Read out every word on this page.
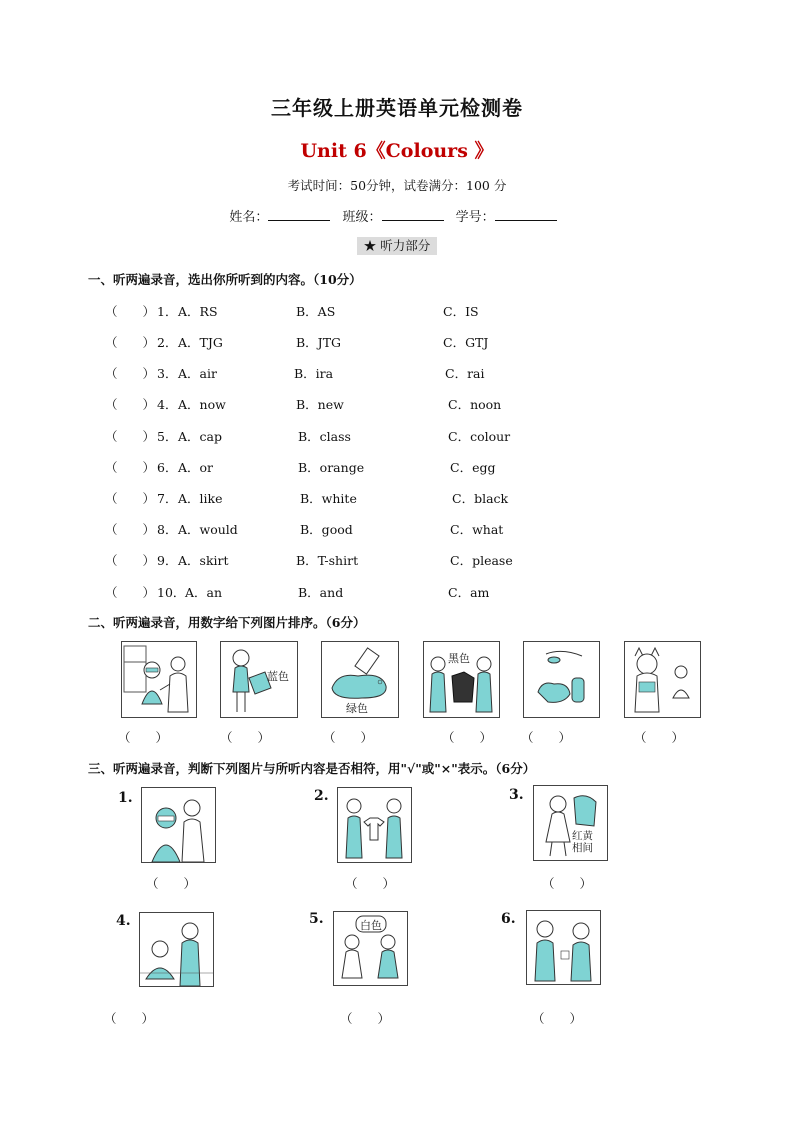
三年级上册英语单元检测卷
Unit 6《Colours 》
考试时间：50分钟，试卷满分：100 分
姓名：	班级：	学号：
★ 听力部分
一、听两遍录音，选出你所听到的内容。（10分）
（　　） 1． A．RS	B．AS	C．IS
（　　） 2． A．TJG	B．JTG	C．GTJ
（　　） 3． A．air	B．ira	C．rai
（　　） 4． A．now	B．new	C．noon
（　　） 5． A．cap	B．class	C．colour
（　　） 6． A．or	B．orange	C．egg
（　　） 7． A．like	B．white	C．black
（　　） 8． A．would	B．good	C．what
（　　） 9． A．skirt	B．T-shirt	C．please
（　　） 10． A．an	B．and	C．am
二、听两遍录音，用数字给下列图片排序。（6分）
蓝色
绿色
黑色
（　　）	（　　）	（　　）	（　　） （　　）	（　　）
三、听两遍录音，判断下列图片与所听内容是否相符，用"√"或"×"表示。（6分）
1.	2.	3.
4.	5.	6.
红黄相间
白色
（　　）	（　　）	（　　）
（　　）	（　　）	（　　）
